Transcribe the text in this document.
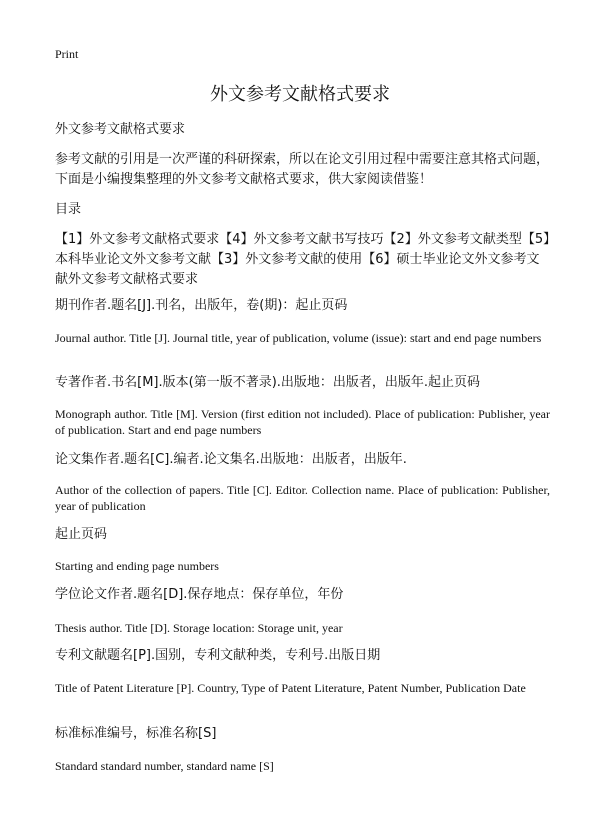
Print

外文参考文献格式要求

外文参考文献格式要求

参考文献的引用是一次严谨的科研探索，所以在论文引用过程中需要注意其格式问题，下面是小编搜集整理的外文参考文献格式要求，供大家阅读借鉴！

目录

【1】外文参考文献格式要求【4】外文参考文献书写技巧【2】外文参考文献类型【5】本科毕业论文外文参考文献【3】外文参考文献的使用【6】硕士毕业论文外文参考文献外文参考文献格式要求

期刊作者.题名[J].刊名，出版年，卷(期)：起止页码

Journal author. Title [J]. Journal title, year of publication, volume (issue): start and end page numbers

专著作者.书名[M].版本(第一版不著录).出版地：出版者，出版年.起止页码

Monograph author. Title [M]. Version (first edition not included). Place of publication: Publisher, year of publication. Start and end page numbers

论文集作者.题名[C].编者.论文集名.出版地：出版者，出版年.

Author of the collection of papers. Title [C]. Editor. Collection name. Place of publication: Publisher, year of publication

起止页码

Starting and ending page numbers

学位论文作者.题名[D].保存地点：保存单位，年份

Thesis author. Title [D]. Storage location: Storage unit, year

专利文献题名[P].国别，专利文献种类，专利号.出版日期

Title of Patent Literature [P]. Country, Type of Patent Literature, Patent Number, Publication Date

标准标准编号，标准名称[S]

Standard standard number, standard name [S]
